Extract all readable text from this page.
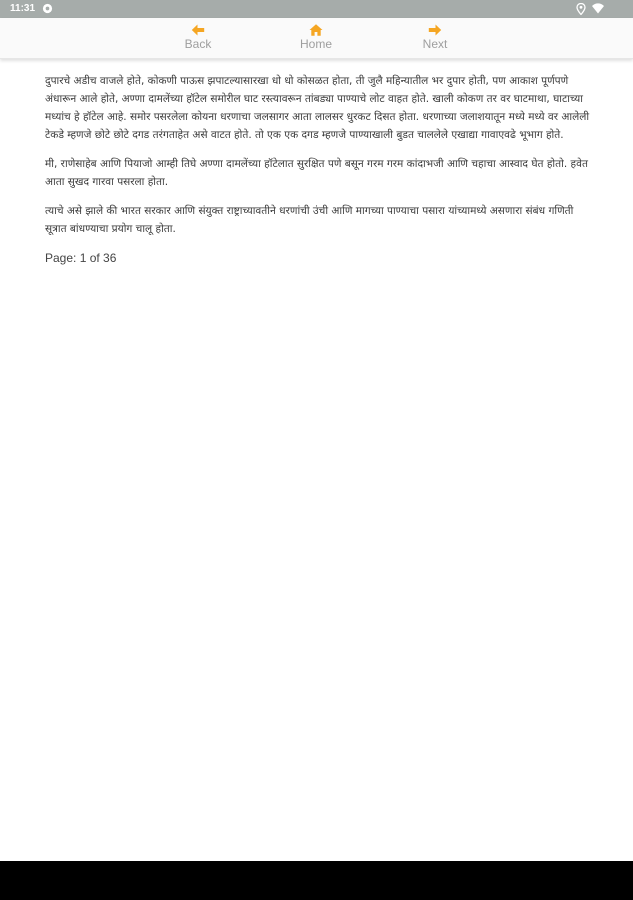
11:31
Back	Home	Next

दुपारचे अडीच वाजले होते, कोकणी पाऊस झपाटल्यासारखा धो धो कोसळत होता, ती जुलै महिन्यातील भर दुपार होती, पण आकाश पूर्णपणे अंधारून आले होते, अण्णा दामलेंच्या हॉटेल समोरील घाट रस्त्यावरून तांबड्या पाण्याचे लोट वाहत होते. खाली कोकण तर वर घाटमाथा, घाटाच्या मध्यांच हे हॉटेल आहे. समोर पसरलेला कोयना धरणाचा जलसागर आता लालसर धुरकट दिसत होता. धरणाच्या जलाशयातून मध्ये मध्ये वर आलेली टेकडे म्हणजे छोटे छोटे दगड तरंगताहेत असे वाटत होते. तो एक एक दगड म्हणजे पाण्याखाली बुडत चाललेले एखाद्या गावाएवढे भूभाग होते.

मी, राणेसाहेब आणि पियाजो आम्ही तिघे अण्णा दामलेंच्या हॉटेलात सुरक्षित पणे बसून गरम गरम कांदाभजी आणि चहाचा आस्वाद घेत होतो. हवेत आता सुखद गारवा पसरला होता.

त्याचे असे झाले की भारत सरकार आणि संयुक्त राष्ट्राच्यावतीने धरणांची उंची आणि मागच्या पाण्याचा पसारा यांच्यामध्ये असणारा संबंध गणिती सूत्रात बांधण्याचा प्रयोग चालू होता.

Page: 1 of 36
